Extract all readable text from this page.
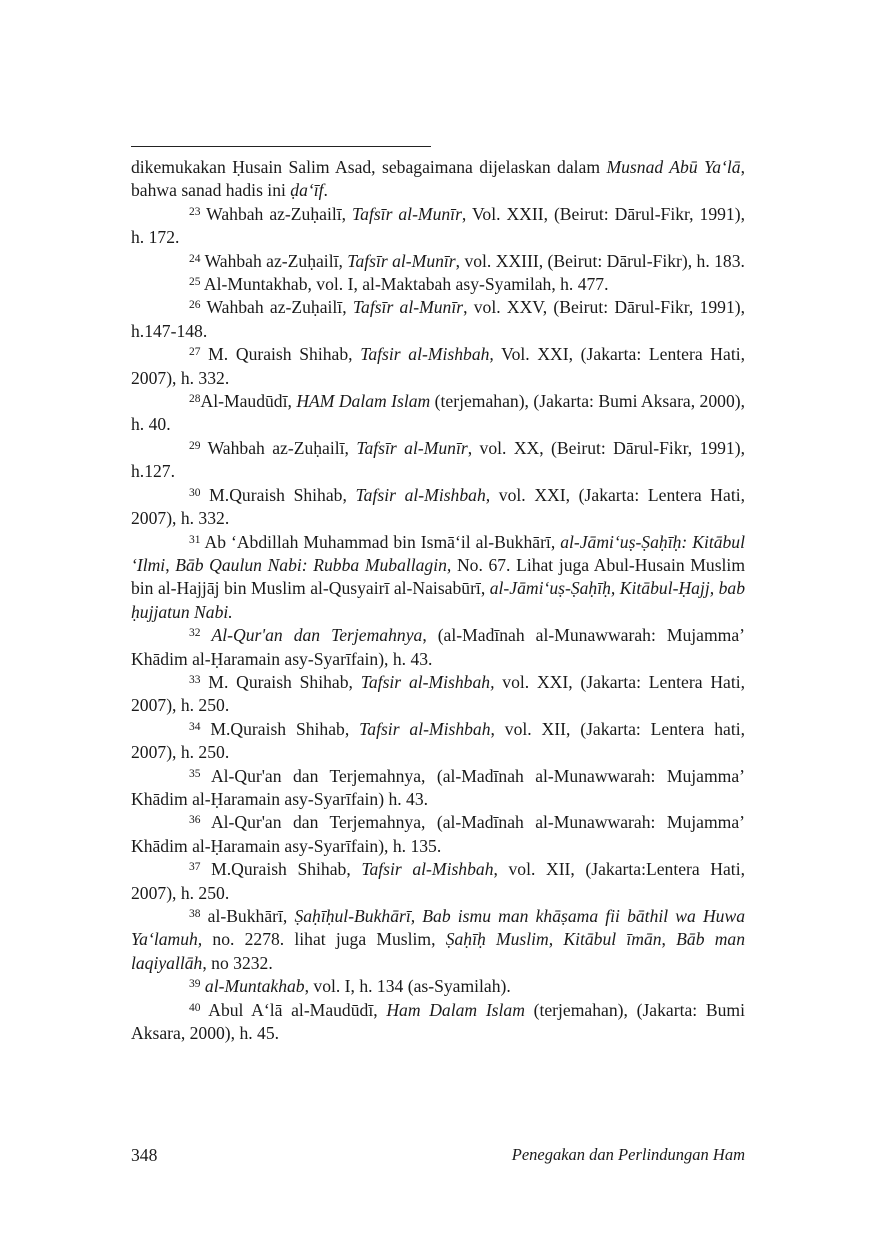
dikemukakan Ḥusain Salim Asad, sebagaimana dijelaskan dalam Musnad Abū Ya‘lā, bahwa sanad hadis ini ḍa‘īf.

$^{23}$ Wahbah az-Zuḥailī, Tafsīr al-Munīr, Vol. XXII, (Beirut: Dārul-Fikr, 1991), h. 172.

$^{24}$ Wahbah az-Zuḥailī, Tafsīr al-Munīr, vol. XXIII, (Beirut: Dārul-Fikr), h. 183.

$^{25}$ Al-Muntakhab, vol. I, al-Maktabah asy-Syamilah, h. 477.

$^{26}$ Wahbah az-Zuḥailī, Tafsīr al-Munīr, vol. XXV, (Beirut: Dārul-Fikr, 1991), h.147-148.

$^{27}$ M. Quraish Shihab, Tafsir al-Mishbah, Vol. XXI, (Jakarta: Lentera Hati, 2007), h. 332.

$^{28}$Al-Maudūdī, HAM Dalam Islam (terjemahan), (Jakarta: Bumi Aksara, 2000), h. 40.

$^{29}$ Wahbah az-Zuḥailī, Tafsīr al-Munīr, vol. XX, (Beirut: Dārul-Fikr, 1991), h.127.

$^{30}$ M.Quraish Shihab, Tafsir al-Mishbah, vol. XXI, (Jakarta: Lentera Hati, 2007), h. 332.

$^{31}$ Ab ‘Abdillah Muhammad bin Ismā‘il al-Bukhārī, al-Jāmi‘uṣ-Ṣaḥīḥ: Kitābul ‘Ilmi, Bāb Qaulun Nabi: Rubba Muballagin, No. 67. Lihat juga Abul-Husain Muslim bin al-Hajjāj bin Muslim al-Qusyairī al-Naisabūrī, al-Jāmi‘uṣ-Ṣaḥīḥ, Kitābul-Ḥajj, bab ḥujjatun Nabi.

$^{32}$ Al-Qur'an dan Terjemahnya, (al-Madīnah al-Munawwarah: Mujamma’ Khādim al-Ḥaramain asy-Syarīfain), h. 43.

$^{33}$ M. Quraish Shihab, Tafsir al-Mishbah, vol. XXI, (Jakarta: Lentera Hati, 2007), h. 250.

$^{34}$ M.Quraish Shihab, Tafsir al-Mishbah, vol. XII, (Jakarta: Lentera hati, 2007), h. 250.

$^{35}$ Al-Qur'an dan Terjemahnya, (al-Madīnah al-Munawwarah: Mujamma’ Khādim al-Ḥaramain asy-Syarīfain) h. 43.

$^{36}$ Al-Qur'an dan Terjemahnya, (al-Madīnah al-Munawwarah: Mujamma’ Khādim al-Ḥaramain asy-Syarīfain), h. 135.

$^{37}$ M.Quraish Shihab, Tafsir al-Mishbah, vol. XII, (Jakarta:Lentera Hati, 2007), h. 250.

$^{38}$ al-Bukhārī, Ṣaḥīḥul-Bukhārī, Bab ismu man khāṣama fii bāthil wa Huwa Ya‘lamuh, no. 2278. lihat juga Muslim, Ṣaḥīḥ Muslim, Kitābul īmān, Bāb man laqiyallāh, no 3232.

$^{39}$ al-Muntakhab, vol. I, h. 134 (as-Syamilah).

$^{40}$ Abul A‘lā al-Maudūdī, Ham Dalam Islam (terjemahan), (Jakarta: Bumi Aksara, 2000), h. 45.

348	Penegakan dan Perlindungan Ham
